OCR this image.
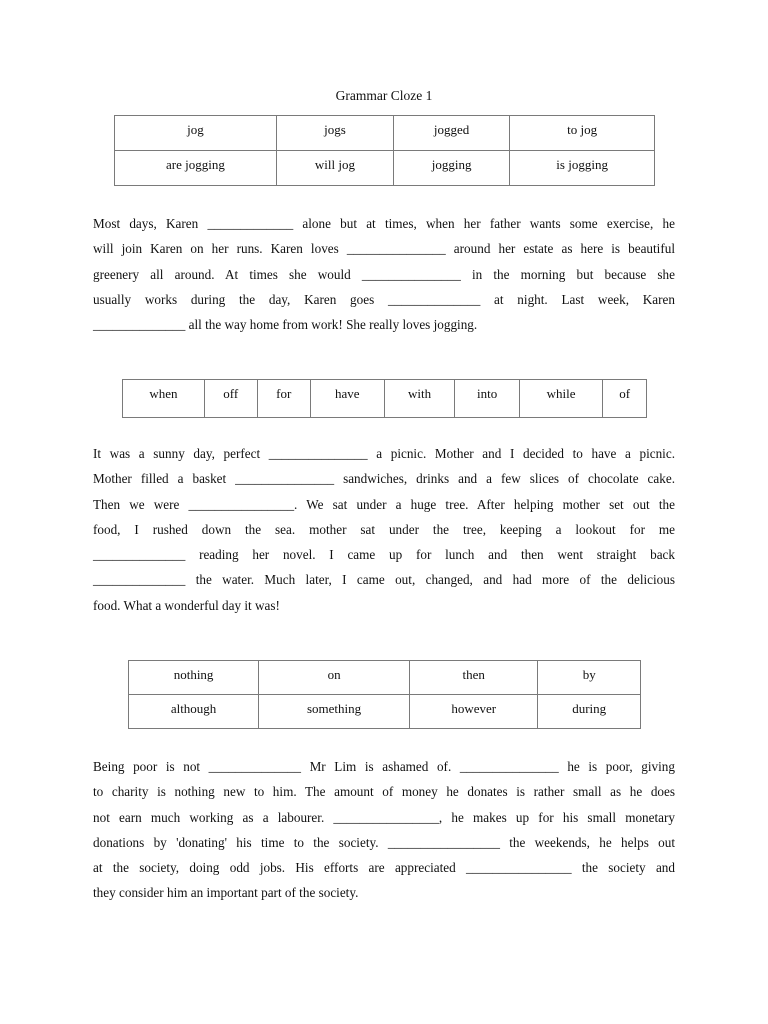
Grammar Cloze 1
jog	jogs	jogged	to jog
are jogging	will jog	jogging	is jogging
Most days, Karen _____________ alone but at times, when her father wants some exercise, he
will join Karen on her runs. Karen loves _______________ around her estate as here is beautiful
greenery all around. At times she would _______________ in the morning but because she
usually works during the day, Karen goes ______________ at night. Last week, Karen
______________ all the way home from work! She really loves jogging.
when	off	for	have	with	into	while	of
It was a sunny day, perfect _______________ a picnic. Mother and I decided to have a picnic.
Mother filled a basket _______________ sandwiches, drinks and a few slices of chocolate cake.
Then we were ________________. We sat under a huge tree. After helping mother set out the
food, I rushed down the sea. mother sat under the tree, keeping a lookout for me
______________ reading her novel. I came up for lunch and then went straight back
______________ the water. Much later, I came out, changed, and had more of the delicious
food. What a wonderful day it was!
nothing	on	then	by
although	something	however	during
Being poor is not ______________ Mr Lim is ashamed of. _______________ he is poor, giving
to charity is nothing new to him. The amount of money he donates is rather small as he does
not earn much working as a labourer. ________________, he makes up for his small monetary
donations by 'donating' his time to the society. _________________ the weekends, he helps out
at the society, doing odd jobs. His efforts are appreciated ________________ the society and
they consider him an important part of the society.
